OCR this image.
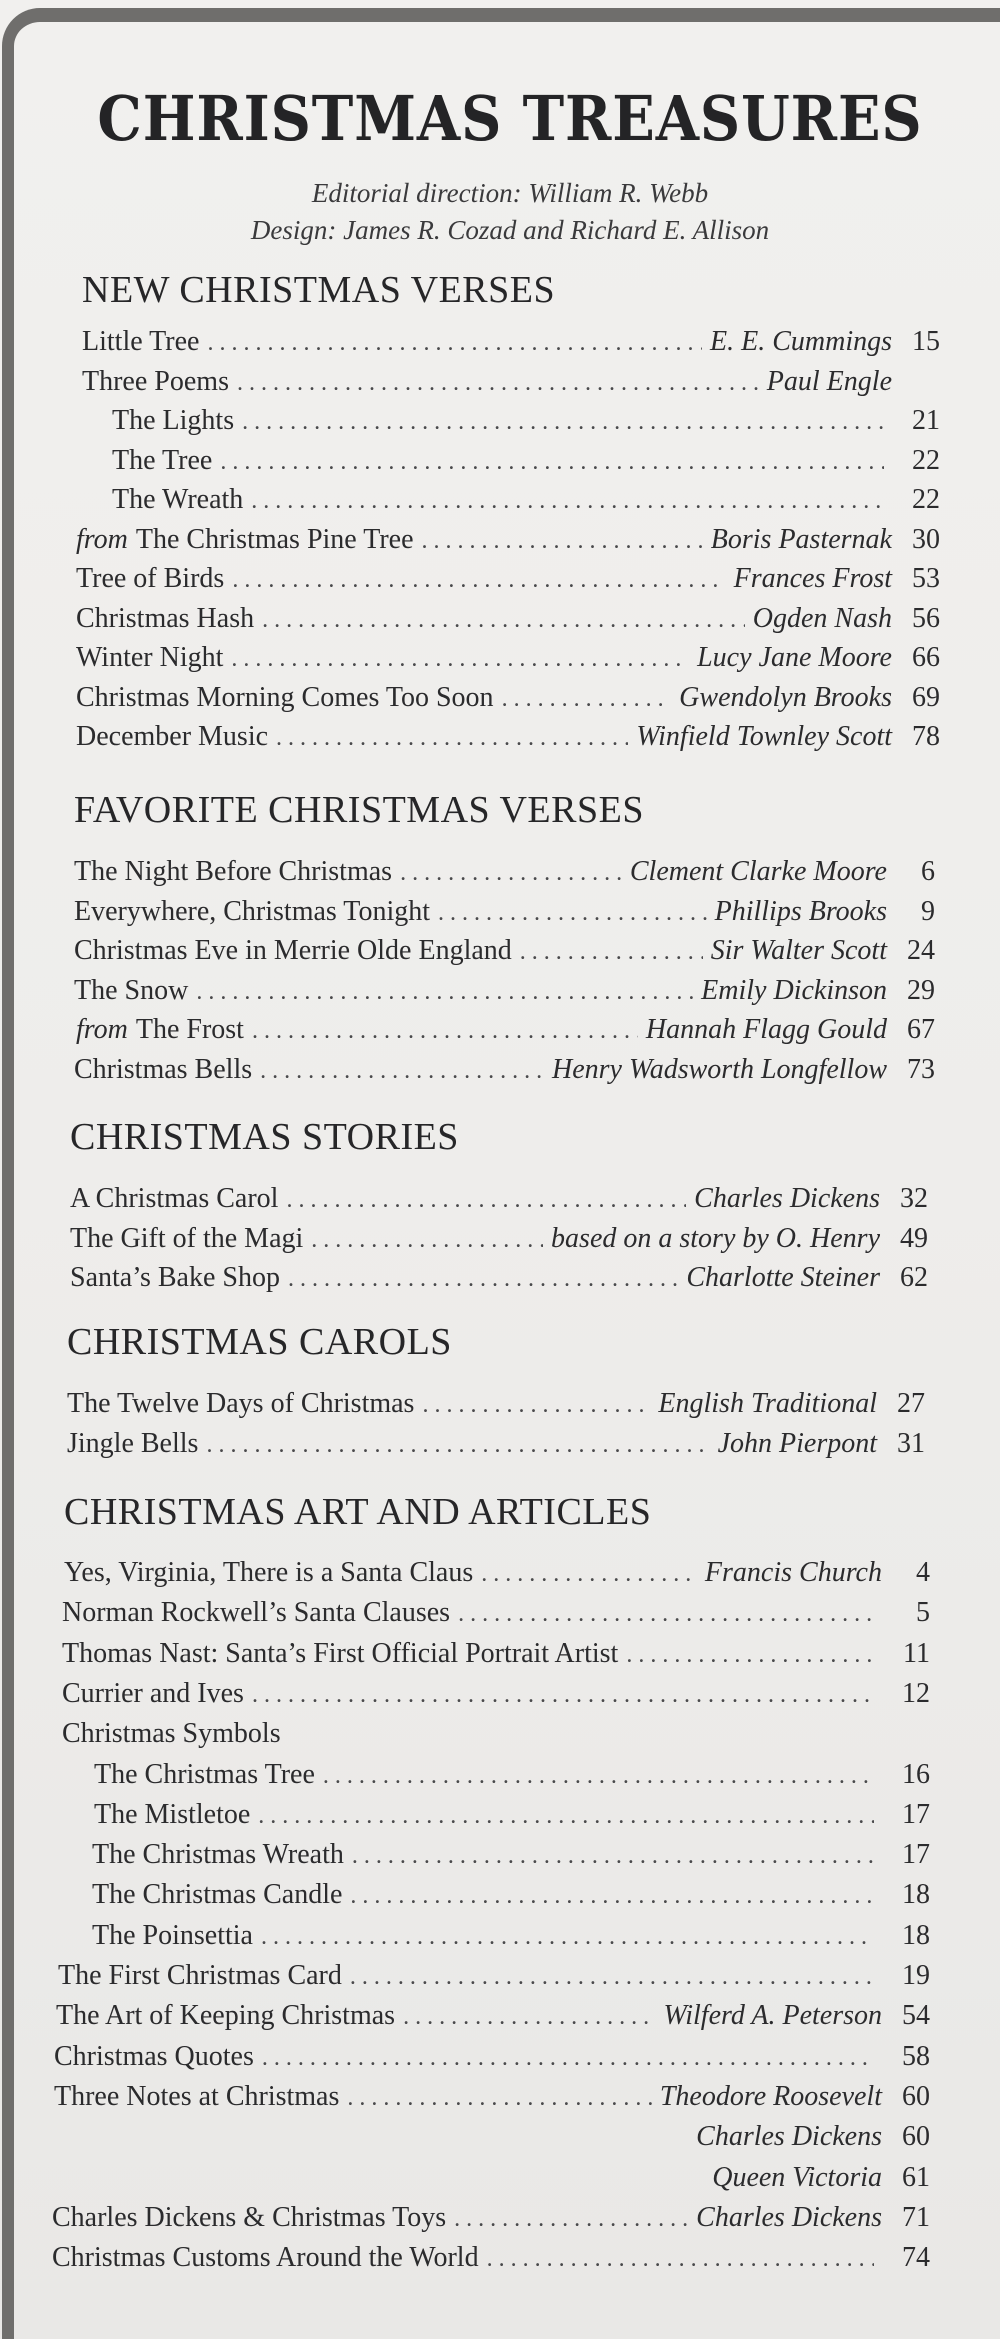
CHRISTMAS TREASURES
Editorial direction: William R. Webb
Design: James R. Cozad and Richard E. Allison
NEW CHRISTMAS VERSES
Little Tree . . .	E. E. Cummings 15
Three Poems . . .	Paul Engle
The Lights . . .	21
The Tree . . .	22
The Wreath . . .	22
from The Christmas Pine Tree . . .	Boris Pasternak 30
Tree of Birds . . .	Frances Frost 53
Christmas Hash . . .	Ogden Nash 56
Winter Night . . .	Lucy Jane Moore 66
Christmas Morning Comes Too Soon . . .	Gwendolyn Brooks 69
December Music . . .	Winfield Townley Scott 78
FAVORITE CHRISTMAS VERSES
The Night Before Christmas . . .	Clement Clarke Moore	6
Everywhere, Christmas Tonight . . .	Phillips Brooks	9
Christmas Eve in Merrie Olde England . . .	Sir Walter Scott 24
The Snow . . .	Emily Dickinson 29
from The Frost . . .	Hannah Flagg Gould 67
Christmas Bells . . .	Henry Wadsworth Longfellow 73
CHRISTMAS STORIES
A Christmas Carol . . .	Charles Dickens 32
The Gift of the Magi . . .	based on a story by O. Henry 49
Santa’s Bake Shop . . .	Charlotte Steiner 62
CHRISTMAS CAROLS
The Twelve Days of Christmas . . .	English Traditional 27
Jingle Bells . . .	John Pierpont 31
CHRISTMAS ART AND ARTICLES
Yes, Virginia, There is a Santa Claus . . .	Francis Church	4
Norman Rockwell’s Santa Clauses . . .	5
Thomas Nast: Santa’s First Official Portrait Artist . . .	11
Currier and Ives . . .	12
Christmas Symbols
The Christmas Tree . . .	16
The Mistletoe . . .	17
The Christmas Wreath . . .	17
The Christmas Candle . . .	18
The Poinsettia . . .	18
The First Christmas Card . . .	19
The Art of Keeping Christmas . . .	Wilferd A. Peterson 54
Christmas Quotes . . .	58
Three Notes at Christmas . . .	Theodore Roosevelt 60
Charles Dickens 60
Queen Victoria 61
Charles Dickens & Christmas Toys . . .	Charles Dickens 71
Christmas Customs Around the World . . .	74
